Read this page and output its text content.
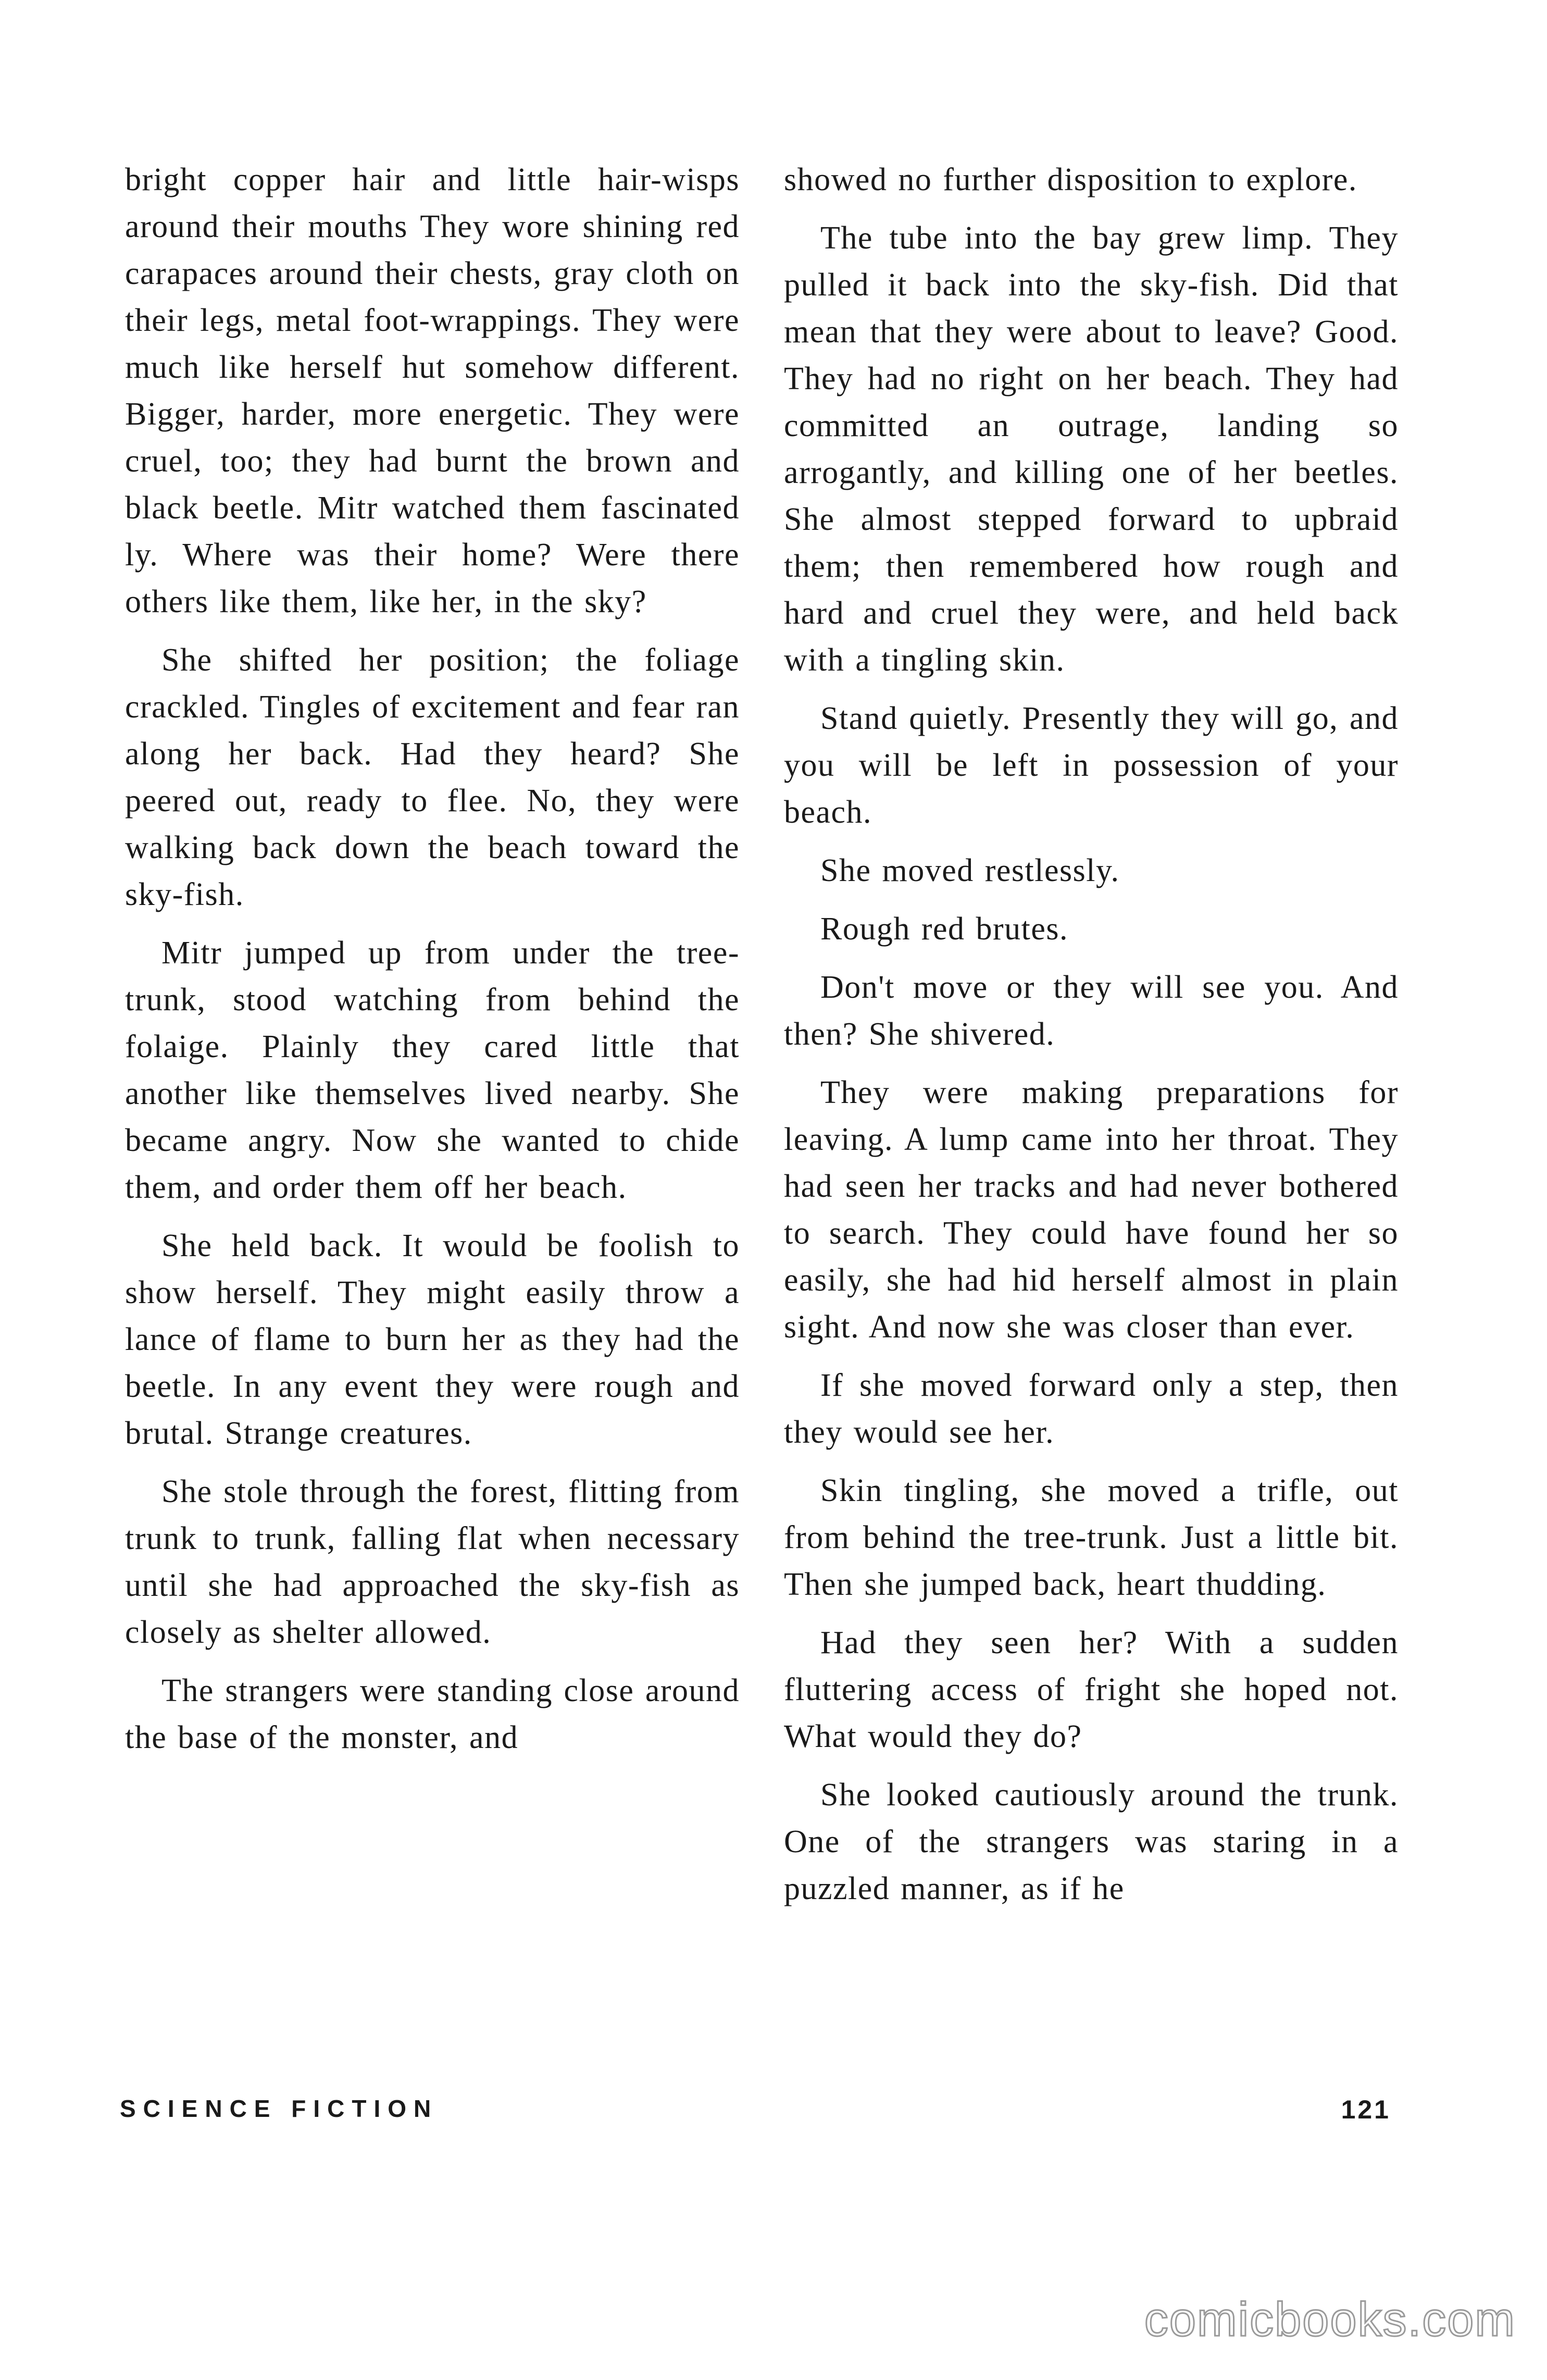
bright copper hair and little hair-wisps around their mouths They wore shining red carapaces around their chests, gray cloth on their legs, metal foot-wrappings. They were much like herself hut somehow different. Bigger, harder, more energetic. They were cruel, too; they had burnt the brown and black beetle. Mitr watched them fascinated ly. Where was their home? Were there others like them, like her, in the sky?

She shifted her position; the foliage crackled. Tingles of excitement and fear ran along her back. Had they heard? She peered out, ready to flee. No, they were walking back down the beach toward the sky-fish.

Mitr jumped up from under the tree-trunk, stood watching from behind the folaige. Plainly they cared little that another like themselves lived nearby. She became angry. Now she wanted to chide them, and order them off her beach.

She held back. It would be foolish to show herself. They might easily throw a lance of flame to burn her as they had the beetle. In any event they were rough and brutal. Strange creatures.

She stole through the forest, flitting from trunk to trunk, falling flat when necessary until she had approached the sky-fish as closely as shelter allowed.

The strangers were standing close around the base of the monster, and

showed no further disposition to explore.

The tube into the bay grew limp. They pulled it back into the sky-fish. Did that mean that they were about to leave? Good. They had no right on her beach. They had committed an outrage, landing so arrogantly, and killing one of her beetles. She almost stepped forward to upbraid them; then remembered how rough and hard and cruel they were, and held back with a tingling skin.

Stand quietly. Presently they will go, and you will be left in possession of your beach.

She moved restlessly.

Rough red brutes.

Don't move or they will see you. And then? She shivered.

They were making preparations for leaving. A lump came into her throat. They had seen her tracks and had never bothered to search. They could have found her so easily, she had hid herself almost in plain sight. And now she was closer than ever.

If she moved forward only a step, then they would see her.

Skin tingling, she moved a trifle, out from behind the tree-trunk. Just a little bit. Then she jumped back, heart thudding.

Had they seen her? With a sudden fluttering access of fright she hoped not. What would they do?

She looked cautiously around the trunk. One of the strangers was staring in a puzzled manner, as if he

SCIENCE FICTION	121
comicbooks.com
